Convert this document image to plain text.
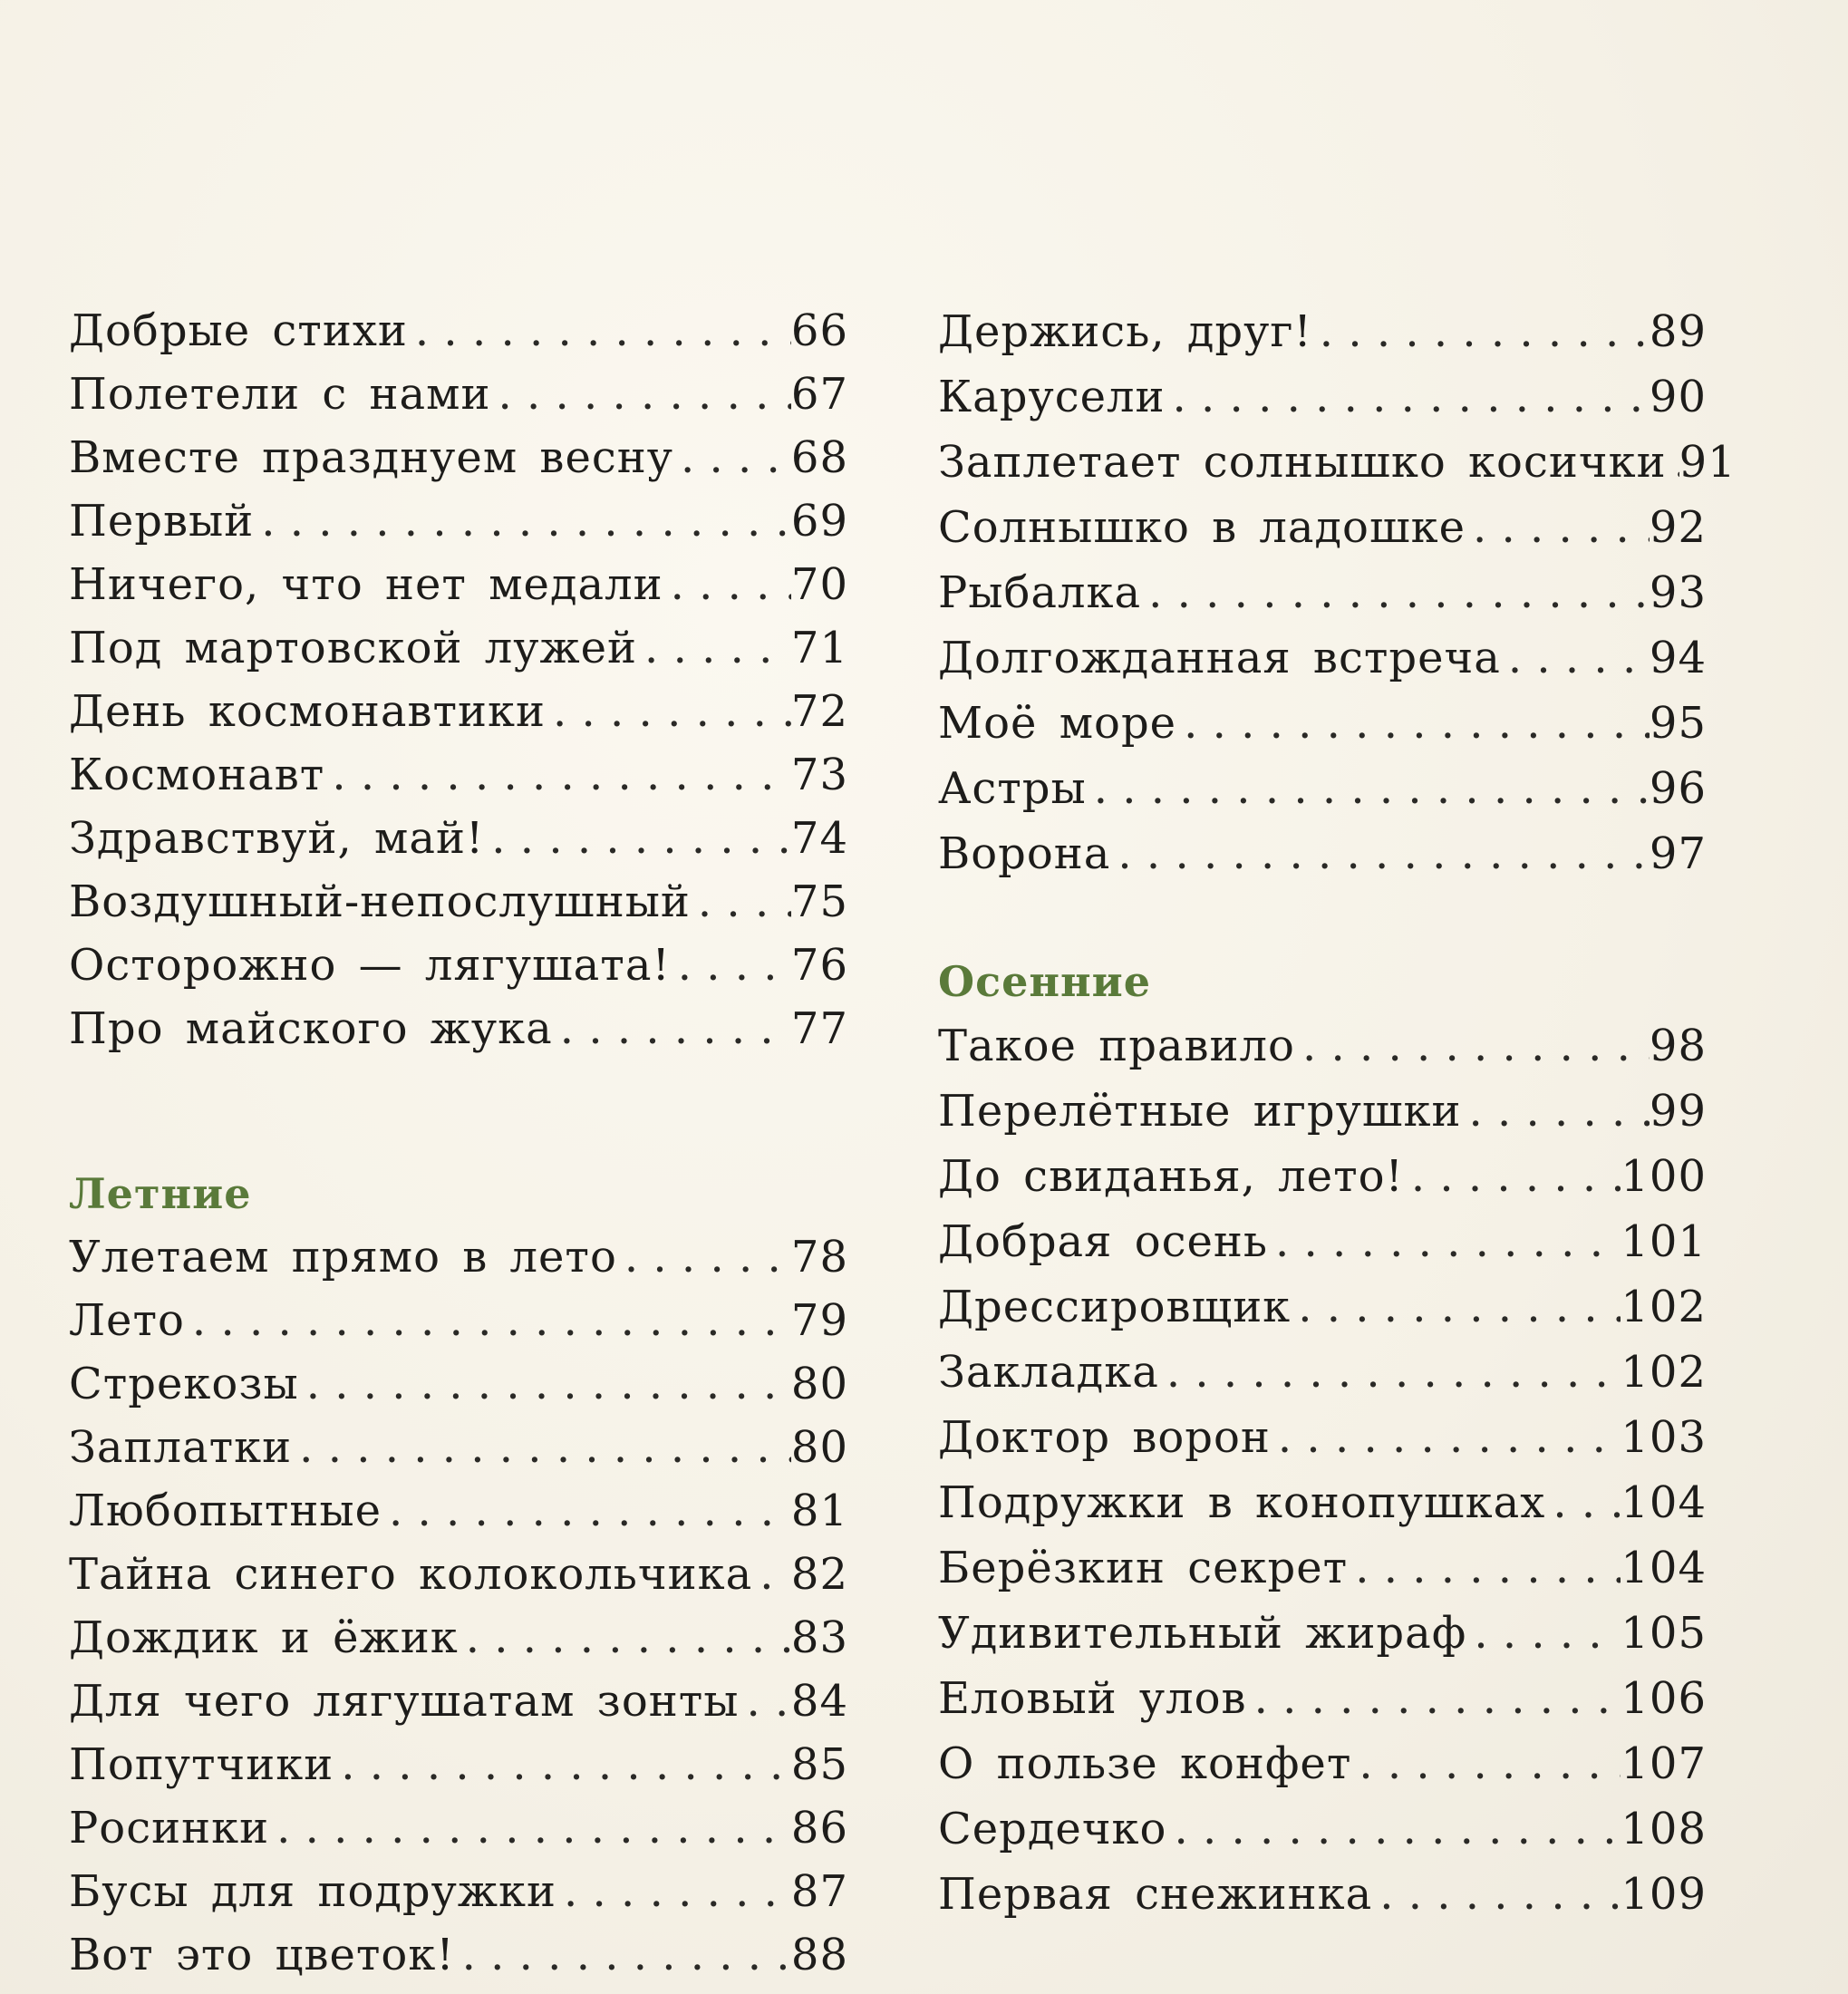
Добрые стихи . . .	66
Полетели с нами . . .	67
Вместе празднуем весну . . .	68
Первый . . .	69
Ничего, что нет медали . . .	70
Под мартовской лужей . . .	71
День космонавтики . . .	72
Космонавт . . .	73
Здравствуй, май! . . .	74
Воздушный-непослушный . . . 75
Осторожно — лягушата! . . .	76
Про майского жука . . .	77
Летние
Улетаем прямо в лето . . .	78
Лето . . .	79
Стрекозы . . .	80
Заплатки . . .	80
Любопытные . . .	81
Тайна синего колокольчика . . . 82
Дождик и ёжик . . .	83
Для чего лягушатам зонты . . . 84
Попутчики . . .	85
Росинки . . .	86
Бусы для подружки . . .	87
Вот это цветок! . . .	88
Держись, друг! . . .	89
Карусели . . .	90
Заплетает солнышко косички . . . 91
Солнышко в ладошке . . .	92
Рыбалка . . .	93
Долгожданная встреча . . .	94
Моё море . . .	95
Астры . . .	96
Ворона . . .	97
Осенние
Такое правило . . .	98
Перелётные игрушки . . .	99
До свиданья, лето! . . .	100
Добрая осень . . .	101
Дрессировщик . . .	102
Закладка . . .	102
Доктор ворон . . .	103
Подружки в конопушках . . . 104
Берёзкин секрет . . .	104
Удивительный жираф . . .	105
Еловый улов . . .	106
О пользе конфет . . .	107
Сердечко . . .	108
Первая снежинка . . .	109
